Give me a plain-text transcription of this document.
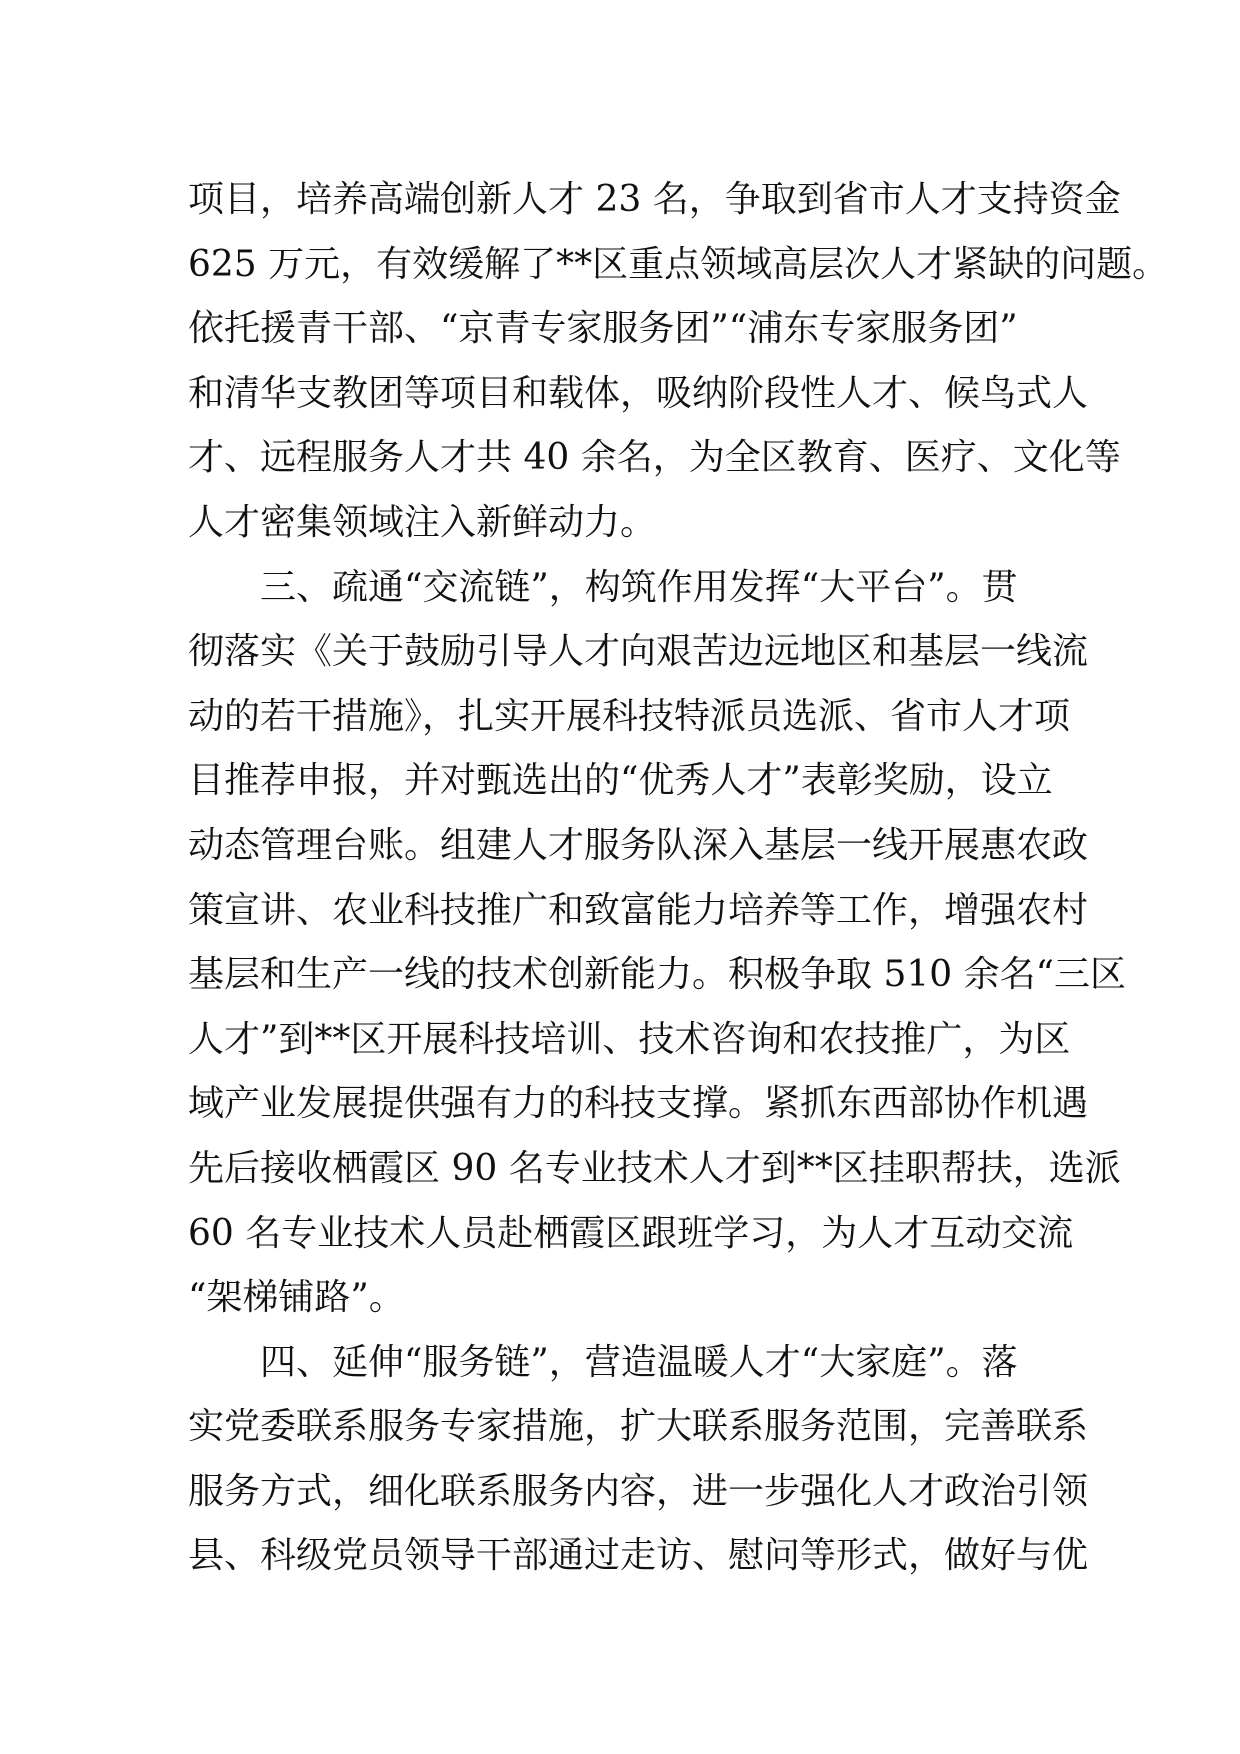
项目，培养高端创新人才 23 名，争取到省市人才支持资金
625 万元，有效缓解了**区重点领域高层次人才紧缺的问题。
依托援青干部、“京青专家服务团”“浦东专家服务团”
和清华支教团等项目和载体，吸纳阶段性人才、候鸟式人
才、远程服务人才共 40 余名，为全区教育、医疗、文化等
人才密集领域注入新鲜动力。
　　三、疏通“交流链”，构筑作用发挥“大平台”。贯
彻落实《关于鼓励引导人才向艰苦边远地区和基层一线流
动的若干措施》，扎实开展科技特派员选派、省市人才项
目推荐申报，并对甄选出的“优秀人才”表彰奖励，设立
动态管理台账。组建人才服务队深入基层一线开展惠农政
策宣讲、农业科技推广和致富能力培养等工作，增强农村
基层和生产一线的技术创新能力。积极争取 510 余名“三区
人才”到**区开展科技培训、技术咨询和农技推广，为区
域产业发展提供强有力的科技支撑。紧抓东西部协作机遇
先后接收栖霞区 90 名专业技术人才到**区挂职帮扶，选派
60 名专业技术人员赴栖霞区跟班学习，为人才互动交流
“架梯铺路”。
　　四、延伸“服务链”，营造温暖人才“大家庭”。落
实党委联系服务专家措施，扩大联系服务范围，完善联系
服务方式，细化联系服务内容，进一步强化人才政治引领
县、科级党员领导干部通过走访、慰问等形式，做好与优
